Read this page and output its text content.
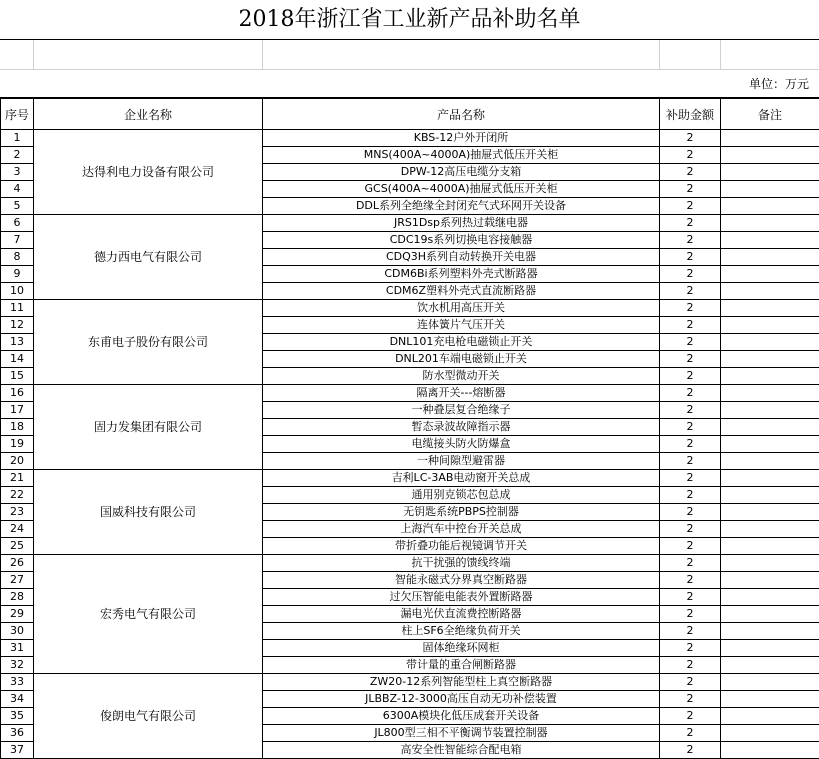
2018年浙江省工业新产品补助名单
单位：万元
序号	企业名称	产品名称	补助金额	备注
1	达得利电力设备有限公司	KBS-12户外开闭所	2	
2		MNS(400A~4000A)抽屉式低压开关柜	2	
3		DPW-12高压电缆分支箱	2	
4		GCS(400A~4000A)抽屉式低压开关柜	2	
5		DDL系列全绝缘全封闭充气式环网开关设备	2	
6	德力西电气有限公司	JRS1Dsp系列热过载继电器	2	
7		CDC19s系列切换电容接触器	2	
8		CDQ3H系列自动转换开关电器	2	
9		CDM6Bi系列塑料外壳式断路器	2	
10		CDM6Z塑料外壳式直流断路器	2	
11	东甫电子股份有限公司	饮水机用高压开关	2	
12		连体簧片气压开关	2	
13		DNL101充电枪电磁锁止开关	2	
14		DNL201车端电磁锁止开关	2	
15		防水型微动开关	2	
16	固力发集团有限公司	隔离开关---熔断器	2	
17		一种叠层复合绝缘子	2	
18		暂态录波故障指示器	2	
19		电缆接头防火防爆盒	2	
20		一种间隙型避雷器	2	
21	国威科技有限公司	吉利LC-3AB电动窗开关总成	2	
22		通用别克锁芯包总成	2	
23		无钥匙系统PBPS控制器	2	
24		上海汽车中控台开关总成	2	
25		带折叠功能后视镜调节开关	2	
26	宏秀电气有限公司	抗干扰强的馈线终端	2	
27		智能永磁式分界真空断路器	2	
28		过欠压智能电能表外置断路器	2	
29		漏电光伏直流费控断路器	2	
30		柱上SF6全绝缘负荷开关	2	
31		固体绝缘环网柜	2	
32		带计量的重合闸断路器	2	
33	俊朗电气有限公司	ZW20-12系列智能型柱上真空断路器	2	
34		JLBBZ-12-3000高压自动无功补偿装置	2	
35		6300A模块化低压成套开关设备	2	
36		JL800型三相不平衡调节装置控制器	2	
37		高安全性智能综合配电箱	2	
